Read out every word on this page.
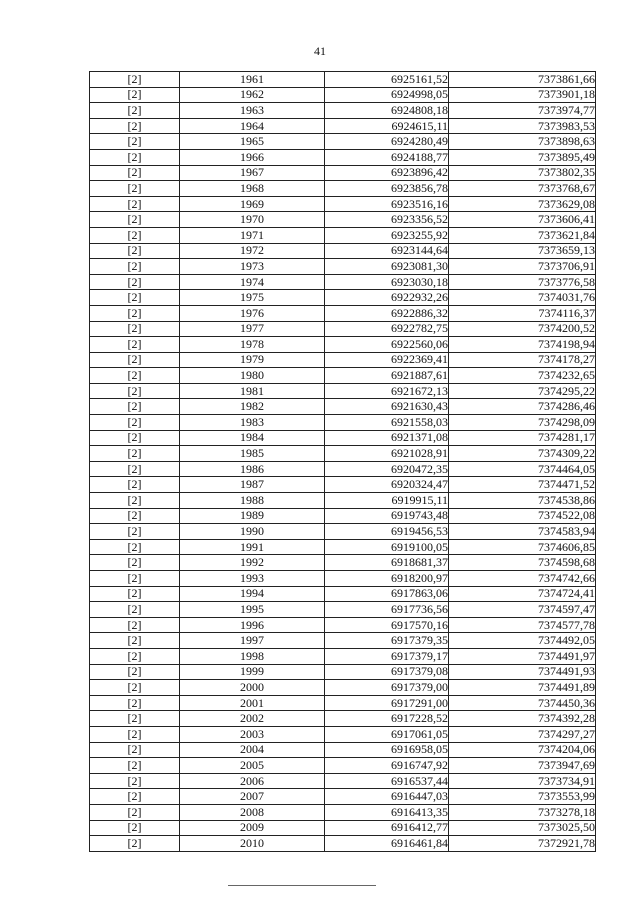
41
[2]	1961	6925161,52	7373861,66
[2]	1962	6924998,05	7373901,18
[2]	1963	6924808,18	7373974,77
[2]	1964	6924615,11	7373983,53
[2]	1965	6924280,49	7373898,63
[2]	1966	6924188,77	7373895,49
[2]	1967	6923896,42	7373802,35
[2]	1968	6923856,78	7373768,67
[2]	1969	6923516,16	7373629,08
[2]	1970	6923356,52	7373606,41
[2]	1971	6923255,92	7373621,84
[2]	1972	6923144,64	7373659,13
[2]	1973	6923081,30	7373706,91
[2]	1974	6923030,18	7373776,58
[2]	1975	6922932,26	7374031,76
[2]	1976	6922886,32	7374116,37
[2]	1977	6922782,75	7374200,52
[2]	1978	6922560,06	7374198,94
[2]	1979	6922369,41	7374178,27
[2]	1980	6921887,61	7374232,65
[2]	1981	6921672,13	7374295,22
[2]	1982	6921630,43	7374286,46
[2]	1983	6921558,03	7374298,09
[2]	1984	6921371,08	7374281,17
[2]	1985	6921028,91	7374309,22
[2]	1986	6920472,35	7374464,05
[2]	1987	6920324,47	7374471,52
[2]	1988	6919915,11	7374538,86
[2]	1989	6919743,48	7374522,08
[2]	1990	6919456,53	7374583,94
[2]	1991	6919100,05	7374606,85
[2]	1992	6918681,37	7374598,68
[2]	1993	6918200,97	7374742,66
[2]	1994	6917863,06	7374724,41
[2]	1995	6917736,56	7374597,47
[2]	1996	6917570,16	7374577,78
[2]	1997	6917379,35	7374492,05
[2]	1998	6917379,17	7374491,97
[2]	1999	6917379,08	7374491,93
[2]	2000	6917379,00	7374491,89
[2]	2001	6917291,00	7374450,36
[2]	2002	6917228,52	7374392,28
[2]	2003	6917061,05	7374297,27
[2]	2004	6916958,05	7374204,06
[2]	2005	6916747,92	7373947,69
[2]	2006	6916537,44	7373734,91
[2]	2007	6916447,03	7373553,99
[2]	2008	6916413,35	7373278,18
[2]	2009	6916412,77	7373025,50
[2]	2010	6916461,84	7372921,78
